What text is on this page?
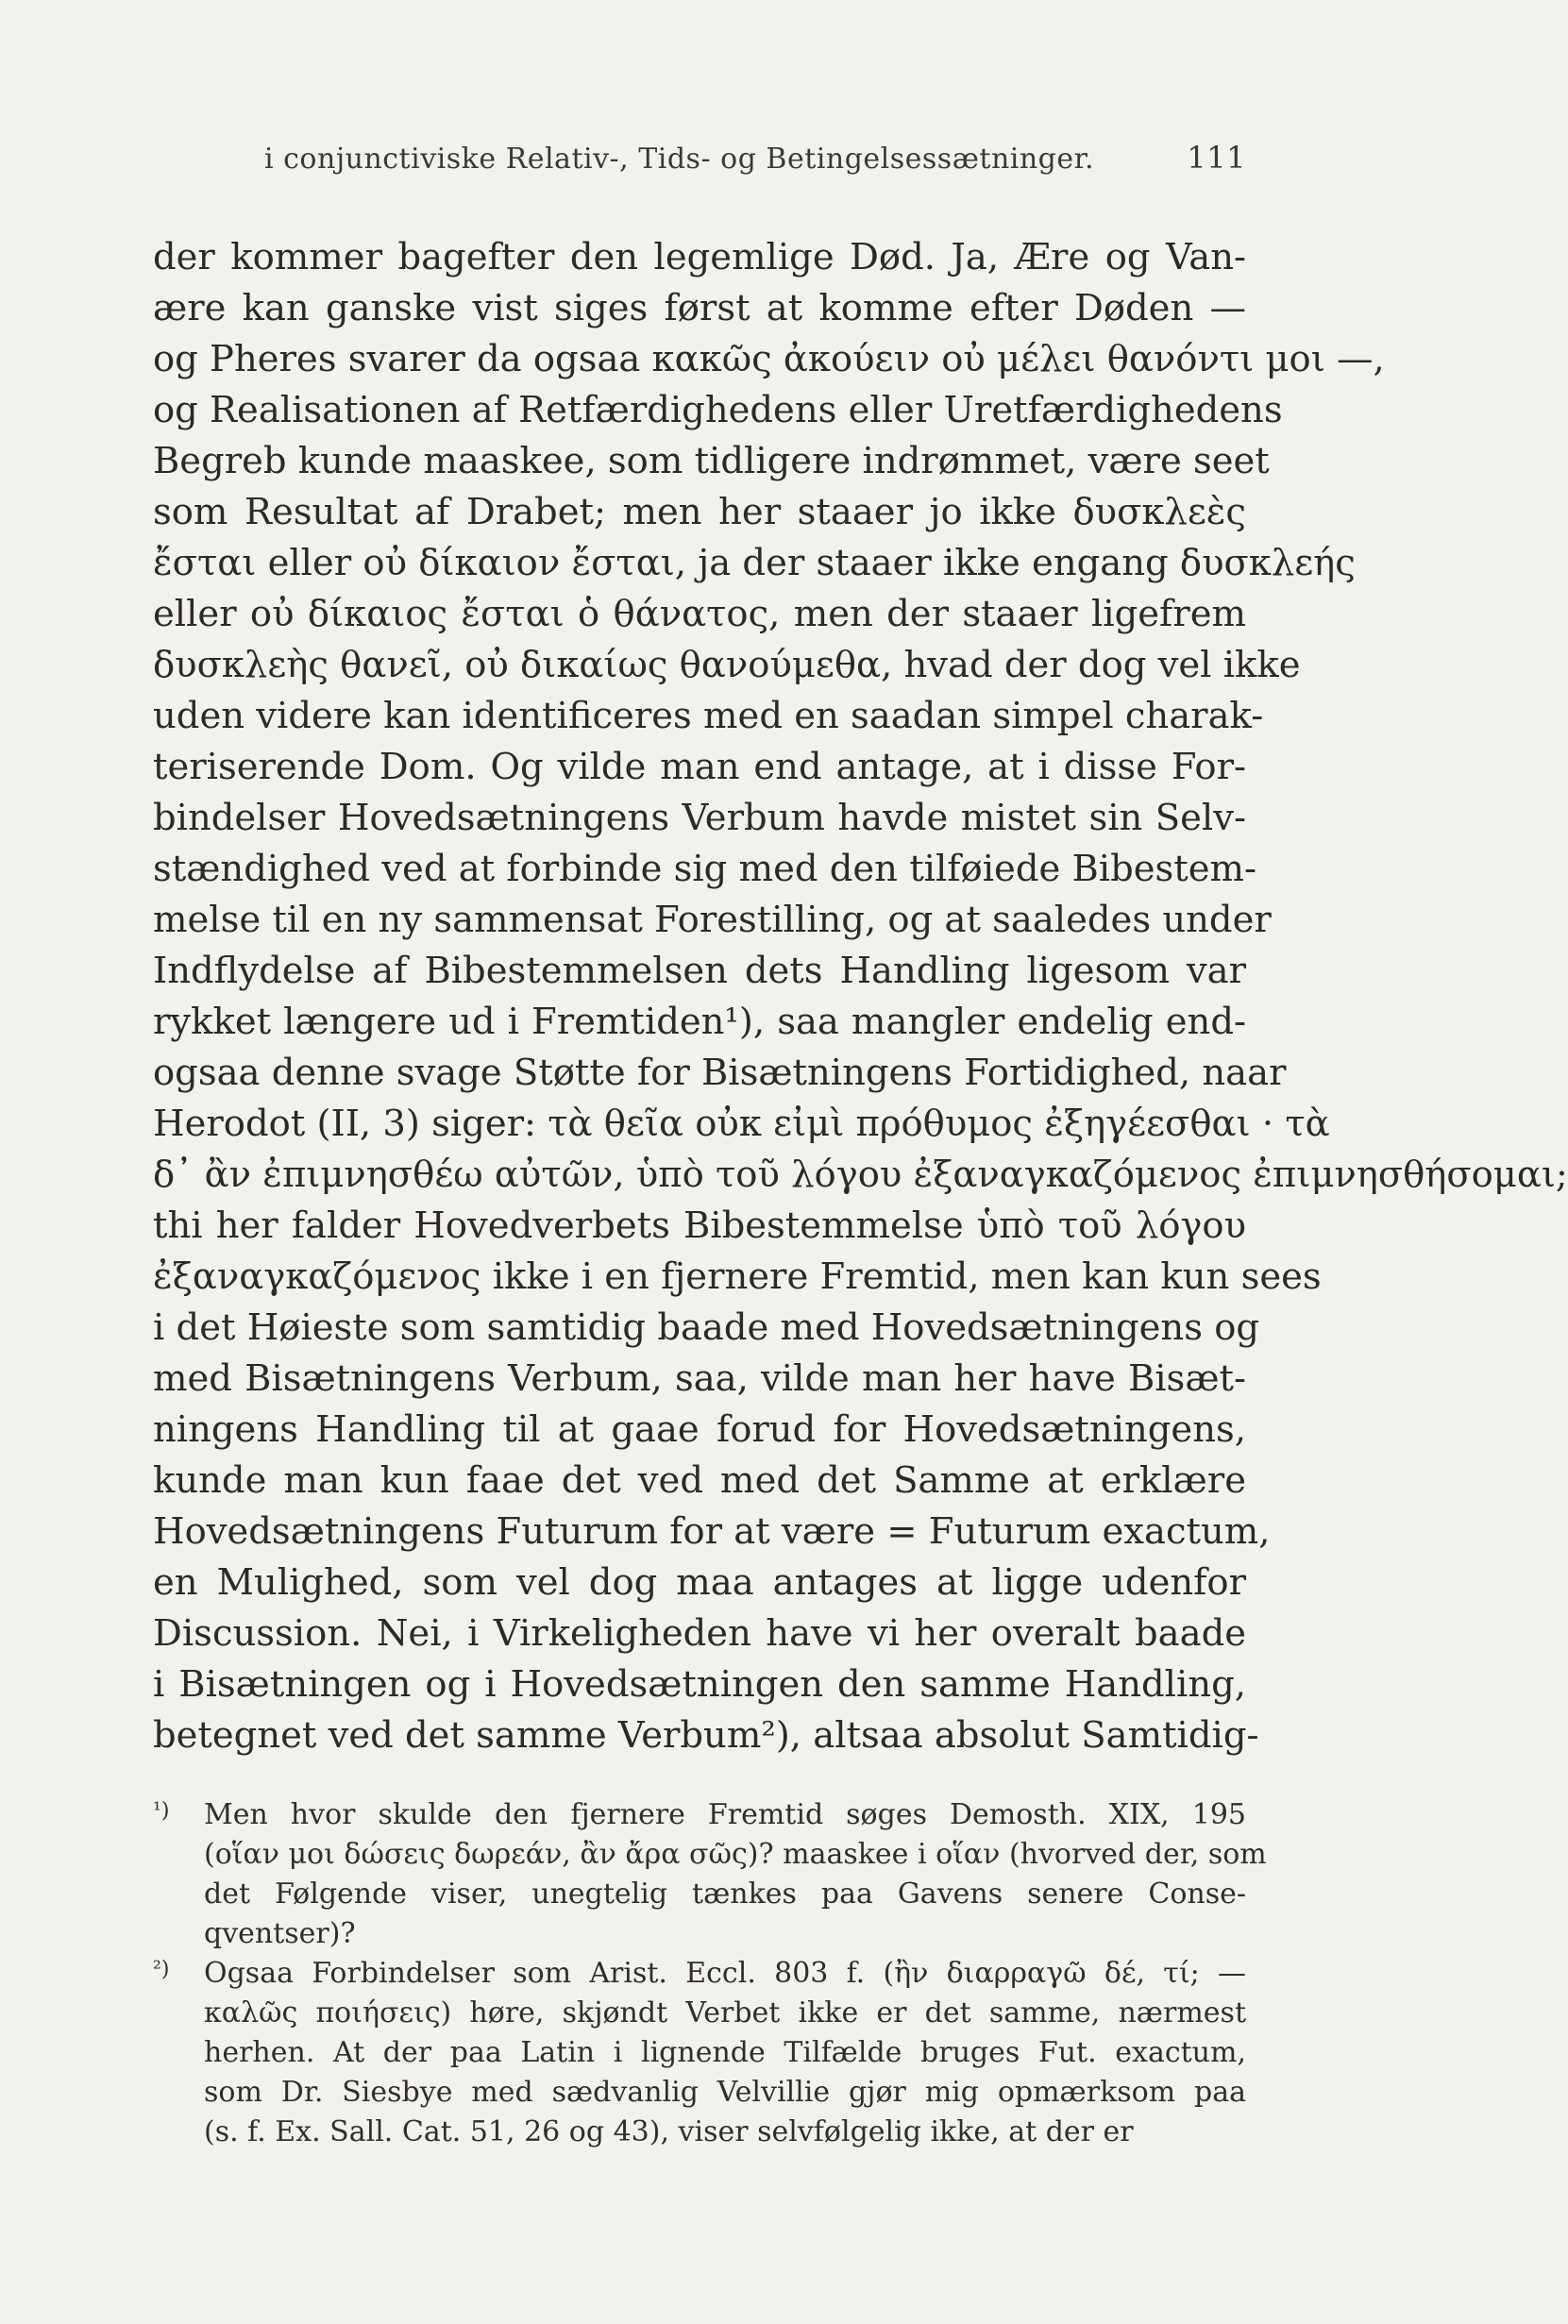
i conjunctiviske Relativ-, Tids- og Betingelsessætninger.	111
der kommer bagefter den legemlige Død. Ja, Ære og Van-
ære kan ganske vist siges først at komme efter Døden —
og Pheres svarer da ogsaa κακῶς ἀκούειν οὐ μέλει θανόντι μοι —,
og Realisationen af Retfærdighedens eller Uretfærdighedens
Begreb kunde maaskee, som tidligere indrømmet, være seet
som Resultat af Drabet; men her staaer jo ikke δυσκλεὲς
ἔσται eller οὐ δίκαιον ἔσται, ja der staaer ikke engang δυσκλεής
eller οὐ δίκαιος ἔσται ὁ θάνατος, men der staaer ligefrem
δυσκλεὴς θανεῖ, οὐ δικαίως θανούμεθα, hvad der dog vel ikke
uden videre kan identificeres med en saadan simpel charak-
teriserende Dom. Og vilde man end antage, at i disse For-
bindelser Hovedsætningens Verbum havde mistet sin Selv-
stændighed ved at forbinde sig med den tilføiede Bibestem-
melse til en ny sammensat Forestilling, og at saaledes under
Indflydelse af Bibestemmelsen dets Handling ligesom var
rykket længere ud i Fremtiden¹), saa mangler endelig end-
ogsaa denne svage Støtte for Bisætningens Fortidighed, naar
Herodot (II, 3) siger: τὰ θεῖα οὐκ εἰμὶ πρόθυμος ἐξηγέεσθαι · τὰ
δ᾽ ἂν ἐπιμνησθέω αὐτῶν, ὑπὸ τοῦ λόγου ἐξαναγκαζόμενος ἐπιμνησθήσομαι;
thi her falder Hovedverbets Bibestemmelse ὑπὸ τοῦ λόγου
ἐξαναγκαζόμενος ikke i en fjernere Fremtid, men kan kun sees
i det Høieste som samtidig baade med Hovedsætningens og
med Bisætningens Verbum, saa, vilde man her have Bisæt-
ningens Handling til at gaae forud for Hovedsætningens,
kunde man kun faae det ved med det Samme at erklære
Hovedsætningens Futurum for at være = Futurum exactum,
en Mulighed, som vel dog maa antages at ligge udenfor
Discussion. Nei, i Virkeligheden have vi her overalt baade
i Bisætningen og i Hovedsætningen den samme Handling,
betegnet ved det samme Verbum²), altsaa absolut Samtidig-
¹) Men hvor skulde den fjernere Fremtid søges Demosth. XIX, 195
(οἵαν μοι δώσεις δωρεάν, ἂν ἄρα σῶς)? maaskee i οἵαν (hvorved der, som
det Følgende viser, unegtelig tænkes paa Gavens senere Conse-
qventser)?
²) Ogsaa Forbindelser som Arist. Eccl. 803 f. (ἢν διαρραγῶ δέ, τί; —
καλῶς ποιήσεις) høre, skjøndt Verbet ikke er det samme, nærmest
herhen. At der paa Latin i lignende Tilfælde bruges Fut. exactum,
som Dr. Siesbye med sædvanlig Velvillie gjør mig opmærksom paa
(s. f. Ex. Sall. Cat. 51, 26 og 43), viser selvfølgelig ikke, at der er
